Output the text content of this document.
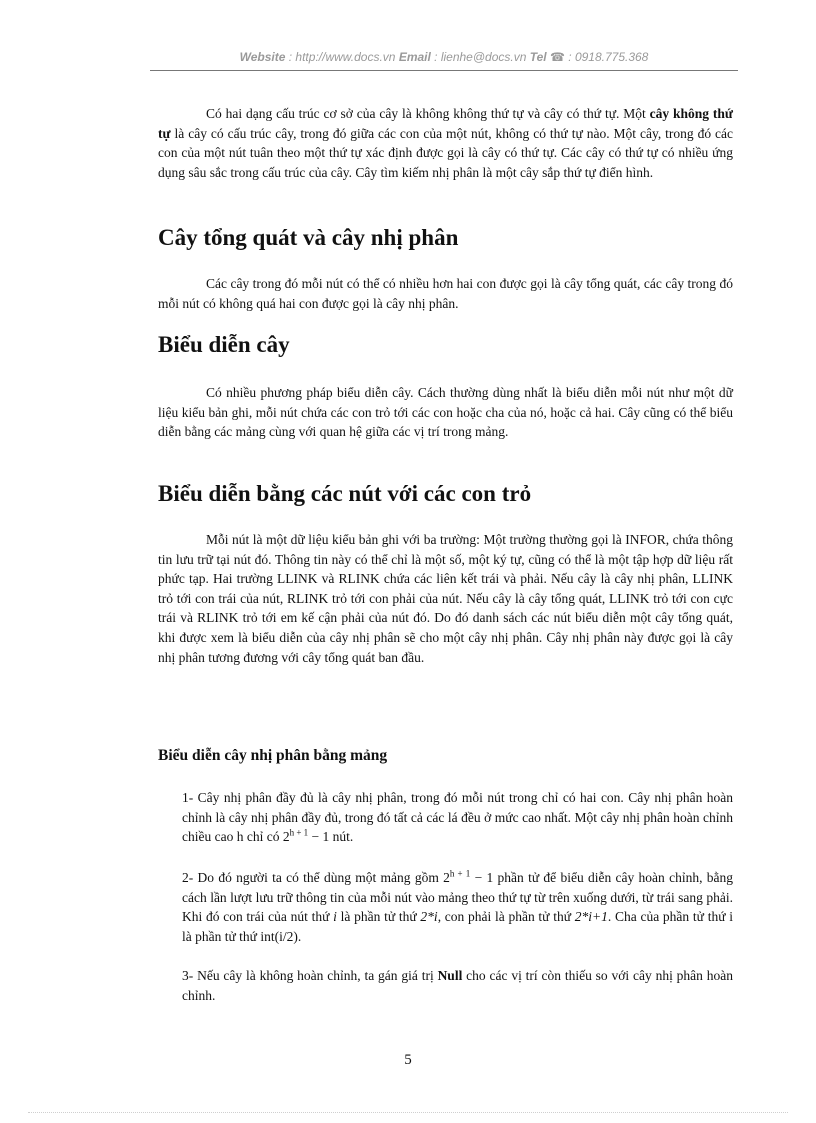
Website : http://www.docs.vn Email : lienhe@docs.vn Tel ☎ : 0918.775.368
Có hai dạng cấu trúc cơ sở của cây là không không thứ tự và cây có thứ tự. Một cây không thứ tự là cây có cấu trúc cây, trong đó giữa các con của một nút, không có thứ tự nào. Một cây, trong đó các con của một nút tuân theo một thứ tự xác định được gọi là cây có thứ tự. Các cây có thứ tự có nhiều ứng dụng sâu sắc trong cấu trúc của cây. Cây tìm kiếm nhị phân là một cây sắp thứ tự điển hình.
Cây tổng quát và cây nhị phân
Các cây trong đó mỗi nút có thể có nhiều hơn hai con được gọi là cây tổng quát, các cây trong đó mỗi nút có không quá hai con được gọi là cây nhị phân.
Biểu diễn cây
Có nhiều phương pháp biểu diễn cây. Cách thường dùng nhất là biểu diễn mỗi nút như một dữ liệu kiểu bản ghi, mỗi nút chứa các con trỏ tới các con hoặc cha của nó, hoặc cả hai. Cây cũng có thể biểu diễn bằng các mảng cùng với quan hệ giữa các vị trí trong mảng.
Biểu diễn bằng các nút với các con trỏ
Mỗi nút là một dữ liệu kiểu bản ghi với ba trường: Một trường thường gọi là INFOR, chứa thông tin lưu trữ tại nút đó. Thông tin này có thể chỉ là một số, một ký tự, cũng có thể là một tập hợp dữ liệu rất phức tạp. Hai trường LLINK và RLINK chứa các liên kết trái và phải. Nếu cây là cây nhị phân, LLINK trỏ tới con trái của nút, RLINK trỏ tới con phải của nút. Nếu cây là cây tổng quát, LLINK trỏ tới con cực trái và RLINK trỏ tới em kế cận phải của nút đó. Do đó danh sách các nút biểu diễn một cây tổng quát, khi được xem là biểu diễn của cây nhị phân sẽ cho một cây nhị phân. Cây nhị phân này được gọi là cây nhị phân tương đương với cây tổng quát ban đầu.
Biểu diễn cây nhị phân bằng mảng
1- Cây nhị phân đầy đủ là cây nhị phân, trong đó mỗi nút trong chỉ có hai con. Cây nhị phân hoàn chỉnh là cây nhị phân đầy đủ, trong đó tất cả các lá đều ở mức cao nhất. Một cây nhị phân hoàn chỉnh chiều cao h chỉ có $2^{h + 1} - 1$ nút.
2- Do đó người ta có thể dùng một mảng gồm $2^{h + 1} - 1$ phần tử để biểu diễn cây hoàn chỉnh, bằng cách lần lượt lưu trữ thông tin của mỗi nút vào mảng theo thứ tự từ trên xuống dưới, từ trái sang phải. Khi đó con trái của nút thứ i là phần tử thứ 2*i, con phải là phần tử thứ 2*i+1. Cha của phần tử thứ i là phần tử thứ int(i/2).
3- Nếu cây là không hoàn chỉnh, ta gán giá trị Null cho các vị trí còn thiếu so với cây nhị phân hoàn chỉnh.
5
